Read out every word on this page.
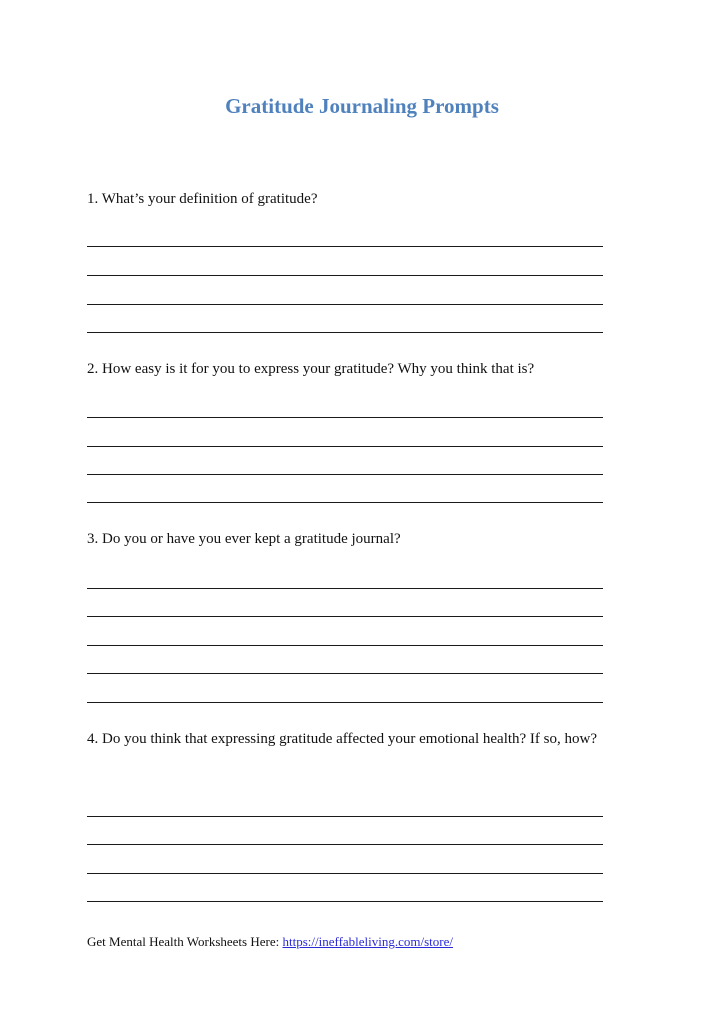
Gratitude Journaling Prompts
1. What’s your definition of gratitude?
2. How easy is it for you to express your gratitude? Why you think that is?
3. Do you or have you ever kept a gratitude journal?
4. Do you think that expressing gratitude affected your emotional health? If so, how?
Get Mental Health Worksheets Here: https://ineffableliving.com/store/
